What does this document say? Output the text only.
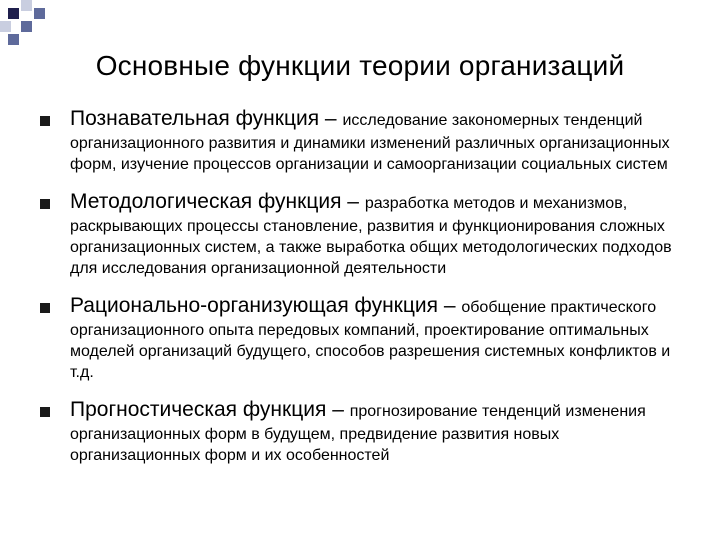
Основные функции теории организаций
Познавательная функция – исследование закономерных тенденций организационного развития и динамики изменений различных организационных форм, изучение процессов организации и самоорганизации социальных систем
Методологическая функция – разработка методов и механизмов, раскрывающих процессы становление, развития и функционирования сложных организационных систем, а также выработка общих методологических подходов для исследования организационной деятельности
Рационально-организующая функция – обобщение практического организационного опыта передовых компаний, проектирование оптимальных моделей организаций будущего, способов разрешения системных конфликтов и т.д.
Прогностическая функция – прогнозирование тенденций изменения организационных форм в будущем, предвидение развития новых организационных форм и их особенностей
